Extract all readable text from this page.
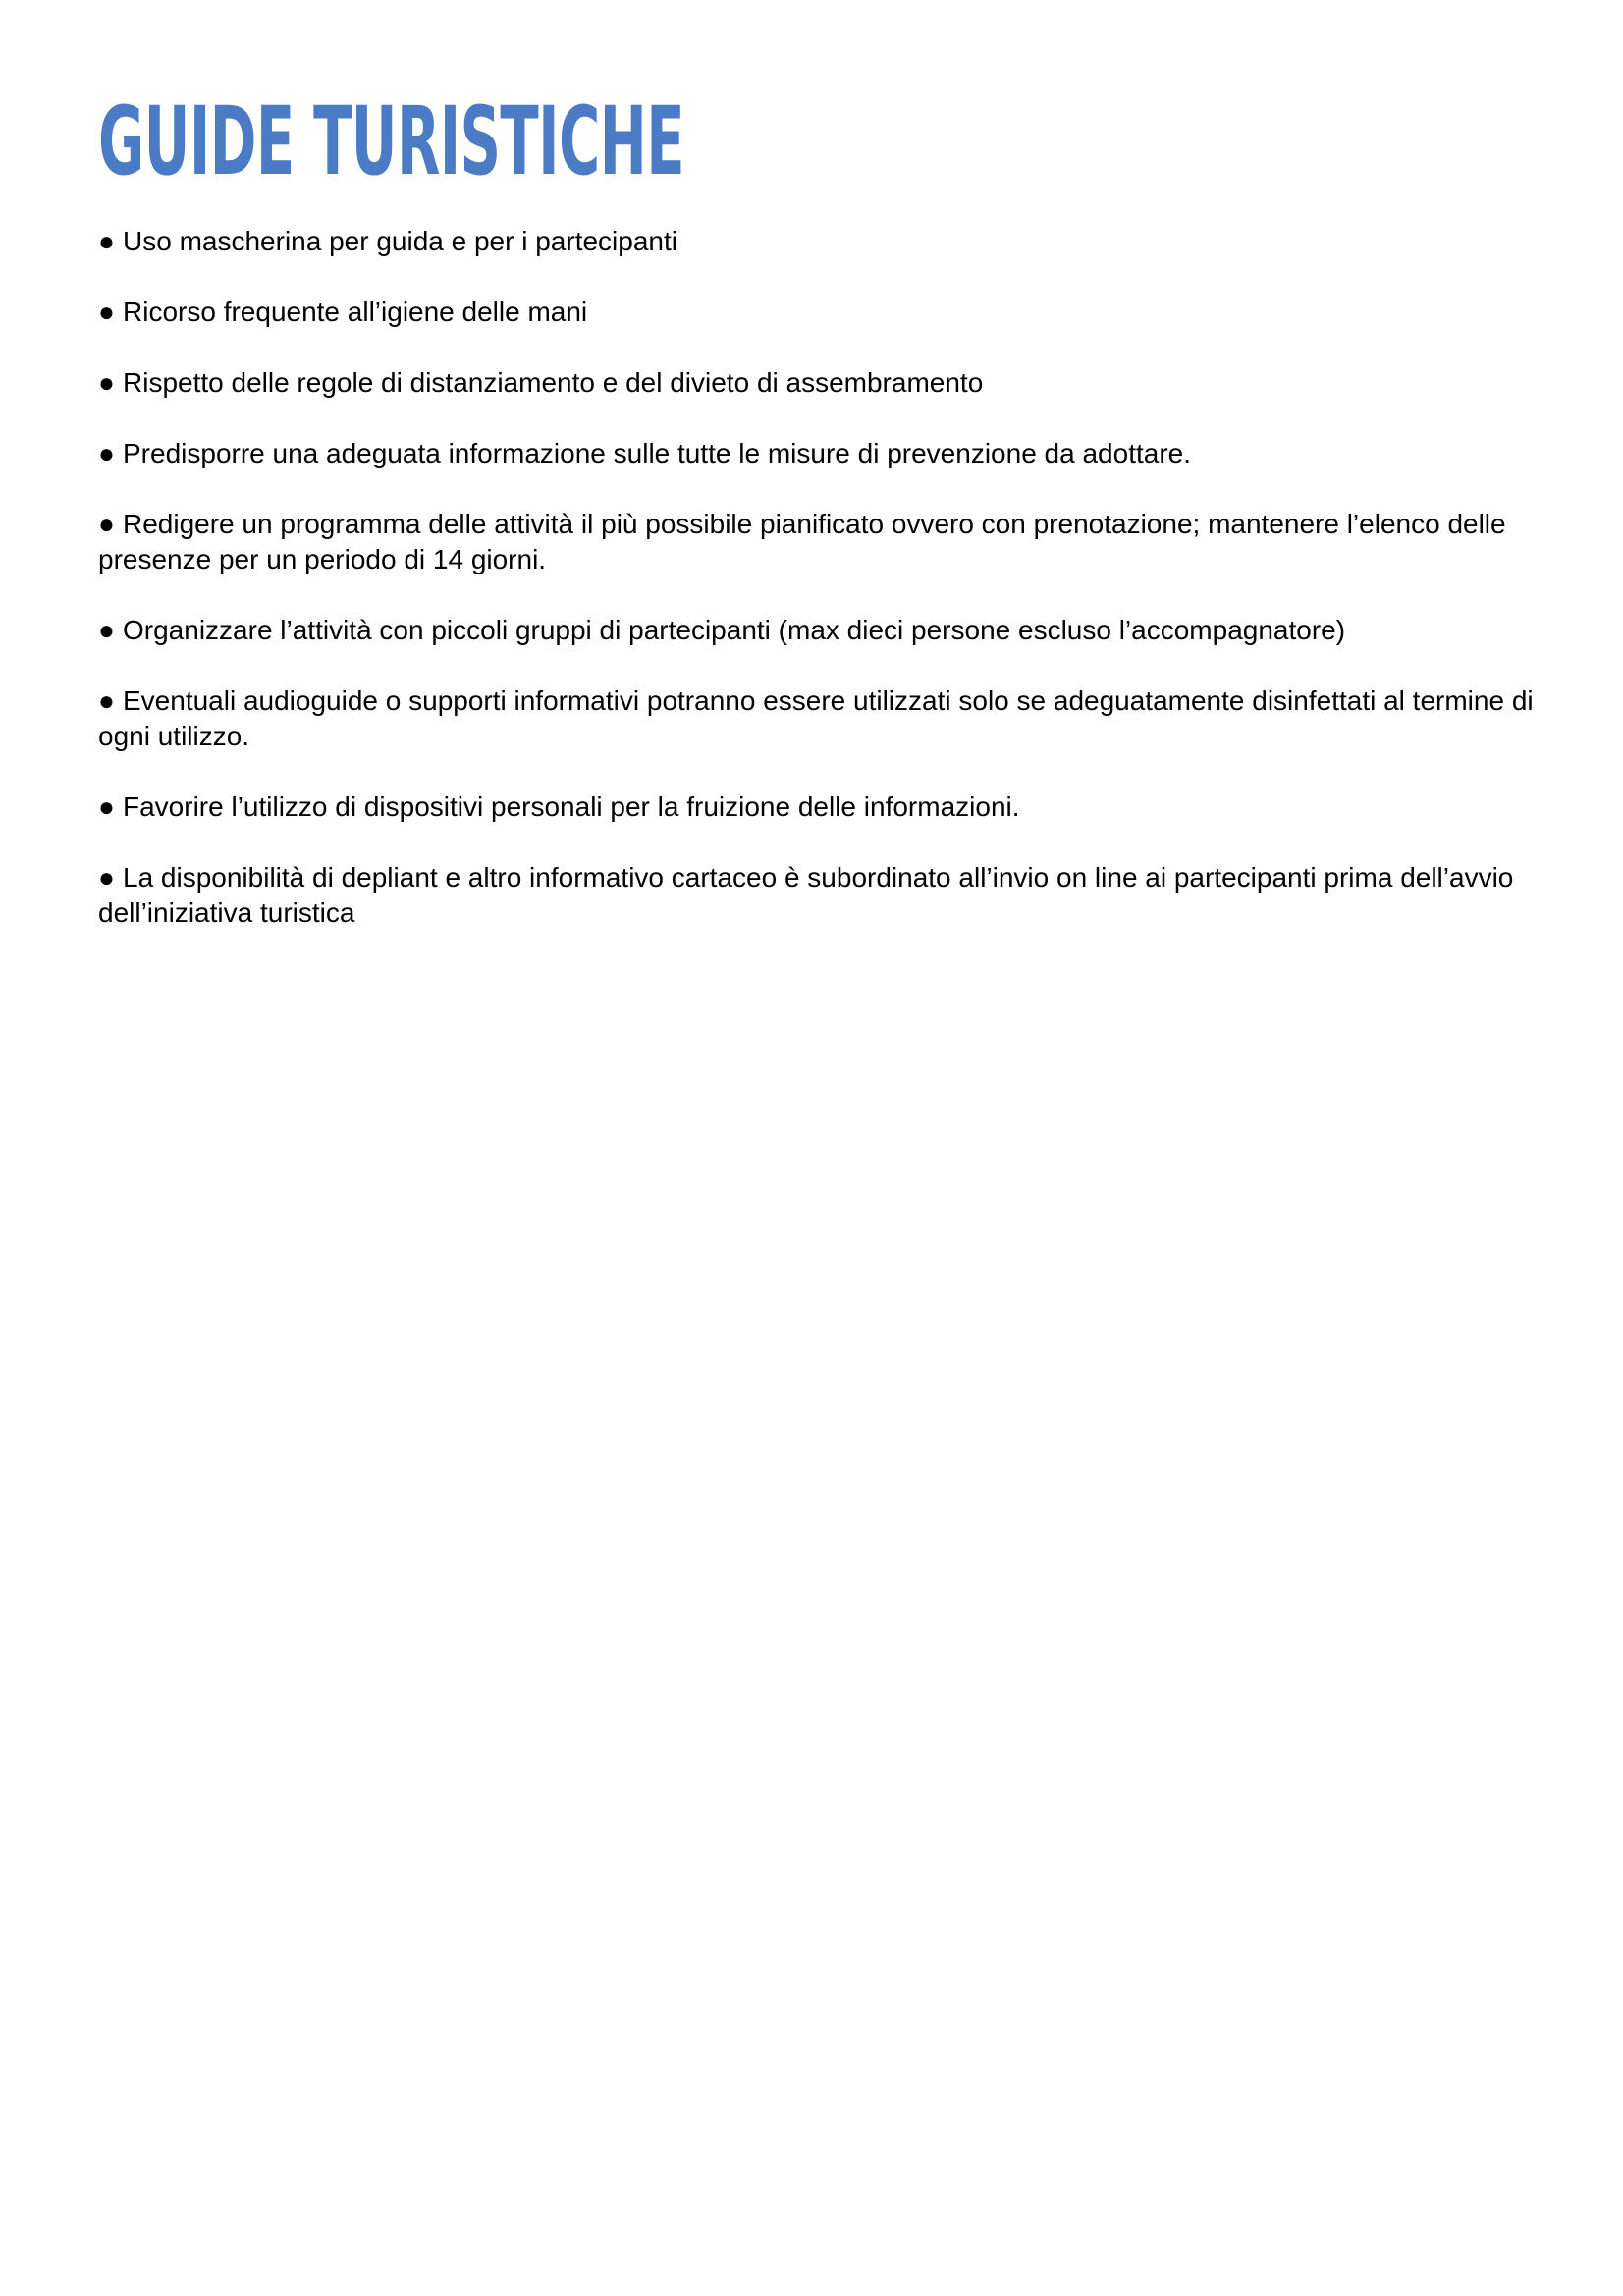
GUIDE TURISTICHE
● Uso mascherina per guida e per i partecipanti
● Ricorso frequente all’igiene delle mani
● Rispetto delle regole di distanziamento e del divieto di assembramento
● Predisporre una adeguata informazione sulle tutte le misure di prevenzione da adottare.
● Redigere un programma delle attività il più possibile pianificato ovvero con prenotazione; mantenere l’elenco delle presenze per un periodo di 14 giorni.
● Organizzare l’attività con piccoli gruppi di partecipanti (max dieci persone escluso l’accompagnatore)
● Eventuali audioguide o supporti informativi potranno essere utilizzati solo se adeguatamente disinfettati al termine di ogni utilizzo.
● Favorire l’utilizzo di dispositivi personali per la fruizione delle informazioni.
● La disponibilità di depliant e altro informativo cartaceo è subordinato all’invio on line ai partecipanti prima dell’avvio dell’iniziativa turistica
